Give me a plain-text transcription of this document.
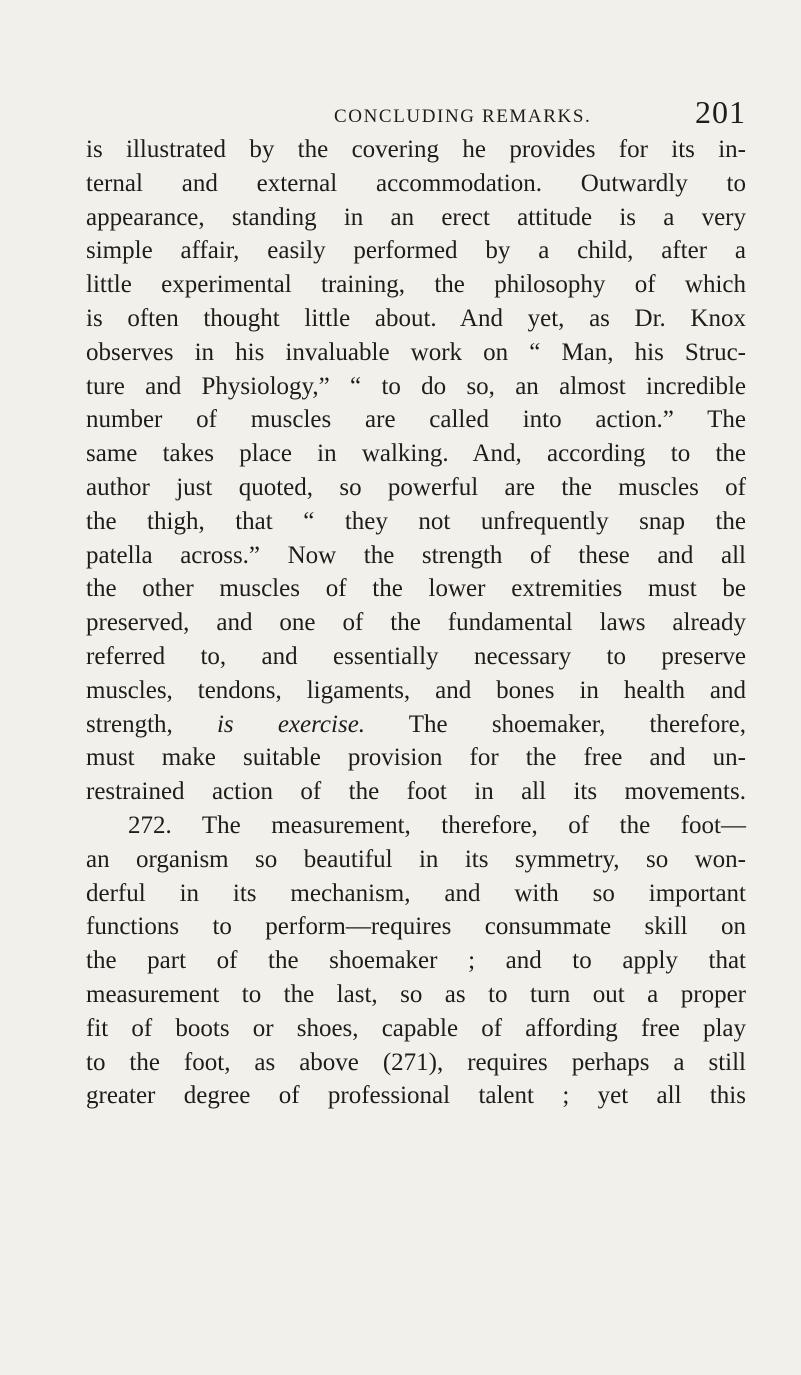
CONCLUDING REMARKS.	201
is illustrated by the covering he provides for its in-
ternal and external accommodation. Outwardly to
appearance, standing in an erect attitude is a very
simple affair, easily performed by a child, after a
little experimental training, the philosophy of which
is often thought little about. And yet, as Dr. Knox
observes in his invaluable work on “ Man, his Struc-
ture and Physiology,” “ to do so, an almost incredible
number of muscles are called into action.” The
same takes place in walking. And, according to the
author just quoted, so powerful are the muscles of
the thigh, that “ they not unfrequently snap the
patella across.” Now the strength of these and all
the other muscles of the lower extremities must be
preserved, and one of the fundamental laws already
referred to, and essentially necessary to preserve
muscles, tendons, ligaments, and bones in health and
strength, is exercise. The shoemaker, therefore,
must make suitable provision for the free and un-
restrained action of the foot in all its movements.
272. The measurement, therefore, of the foot—
an organism so beautiful in its symmetry, so won-
derful in its mechanism, and with so important
functions to perform—requires consummate skill on
the part of the shoemaker ; and to apply that
measurement to the last, so as to turn out a proper
fit of boots or shoes, capable of affording free play
to the foot, as above (271), requires perhaps a still
greater degree of professional talent ; yet all this
